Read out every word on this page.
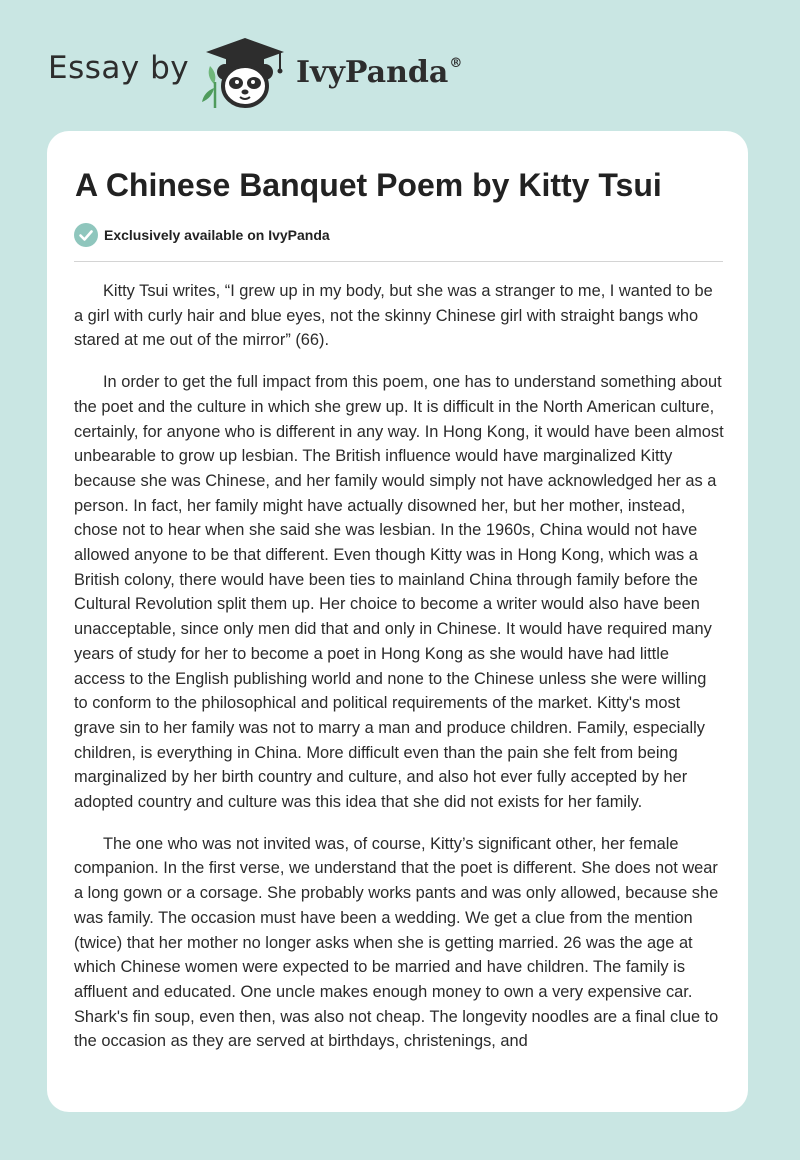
Essay by	IvyPanda®
A Chinese Banquet Poem by Kitty Tsui
Exclusively available on IvyPanda

Kitty Tsui writes, “I grew up in my body, but she was a stranger to me, I wanted to be a girl with curly hair and blue eyes, not the skinny Chinese girl with straight bangs who stared at me out of the mirror” (66).

In order to get the full impact from this poem, one has to understand something about the poet and the culture in which she grew up. It is difficult in the North American culture, certainly, for anyone who is different in any way. In Hong Kong, it would have been almost unbearable to grow up lesbian. The British influence would have marginalized Kitty because she was Chinese, and her family would simply not have acknowledged her as a person. In fact, her family might have actually disowned her, but her mother, instead, chose not to hear when she said she was lesbian. In the 1960s, China would not have allowed anyone to be that different. Even though Kitty was in Hong Kong, which was a British colony, there would have been ties to mainland China through family before the Cultural Revolution split them up. Her choice to become a writer would also have been unacceptable, since only men did that and only in Chinese. It would have required many years of study for her to become a poet in Hong Kong as she would have had little access to the English publishing world and none to the Chinese unless she were willing to conform to the philosophical and political requirements of the market. Kitty's most grave sin to her family was not to marry a man and produce children. Family, especially children, is everything in China. More difficult even than the pain she felt from being marginalized by her birth country and culture, and also hot ever fully accepted by her adopted country and culture was this idea that she did not exists for her family.

The one who was not invited was, of course, Kitty’s significant other, her female companion. In the first verse, we understand that the poet is different. She does not wear a long gown or a corsage. She probably works pants and was only allowed, because she was family. The occasion must have been a wedding. We get a clue from the mention (twice) that her mother no longer asks when she is getting married. 26 was the age at which Chinese women were expected to be married and have children. The family is affluent and educated. One uncle makes enough money to own a very expensive car. Shark's fin soup, even then, was also not cheap. The longevity noodles are a final clue to the occasion as they are served at birthdays, christenings, and
